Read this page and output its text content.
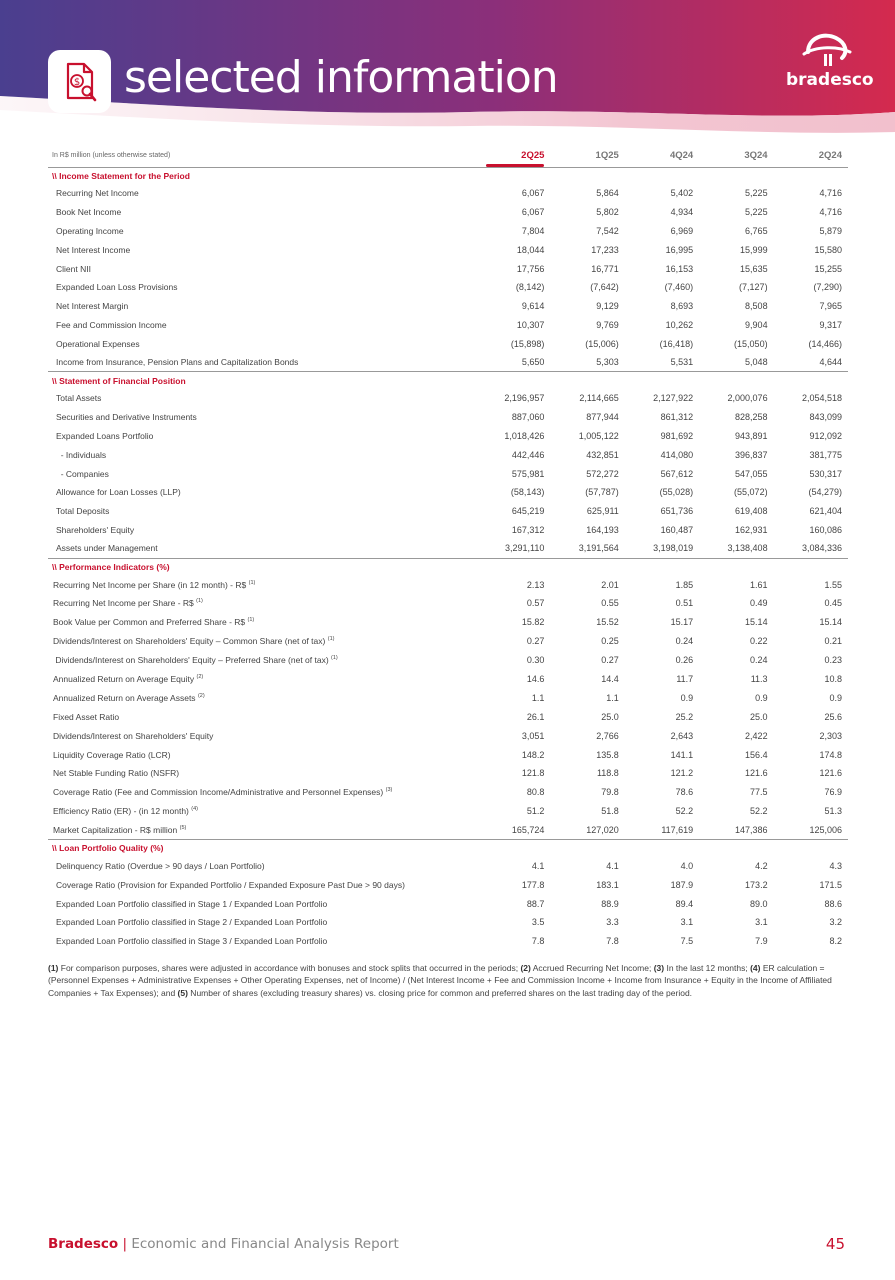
$ selected information	bradesco
In R$ million (unless otherwise stated)	2Q25	1Q25	4Q24	3Q24	2Q24
\\ Income Statement for the Period					
Recurring Net Income	6,067	5,864	5,402	5,225	4,716
Book Net Income	6,067	5,802	4,934	5,225	4,716
Operating Income	7,804	7,542	6,969	6,765	5,879
Net Interest Income	18,044	17,233	16,995	15,999	15,580
Client NII	17,756	16,771	16,153	15,635	15,255
Expanded Loan Loss Provisions	(8,142)	(7,642)	(7,460)	(7,127)	(7,290)
Net Interest Margin	9,614	9,129	8,693	8,508	7,965
Fee and Commission Income	10,307	9,769	10,262	9,904	9,317
Operational Expenses	(15,898)	(15,006)	(16,418)	(15,050)	(14,466)
Income from Insurance, Pension Plans and Capitalization Bonds	5,650	5,303	5,531	5,048	4,644
\\ Statement of Financial Position					
Total Assets	2,196,957	2,114,665	2,127,922	2,000,076	2,054,518
Securities and Derivative Instruments	887,060	877,944	861,312	828,258	843,099
Expanded Loans Portfolio	1,018,426	1,005,122	981,692	943,891	912,092
- Individuals	442,446	432,851	414,080	396,837	381,775
- Companies	575,981	572,272	567,612	547,055	530,317
Allowance for Loan Losses (LLP)	(58,143)	(57,787)	(55,028)	(55,072)	(54,279)
Total Deposits	645,219	625,911	651,736	619,408	621,404
Shareholders' Equity	167,312	164,193	160,487	162,931	160,086
Assets under Management	3,291,110	3,191,564	3,198,019	3,138,408	3,084,336
\\ Performance Indicators (%)					
Recurring Net Income per Share (in 12 month) - R$ $^{(1)}$	2.13	2.01	1.85	1.61	1.55
Recurring Net Income per Share - R$ $^{(1)}$	0.57	0.55	0.51	0.49	0.45
Book Value per Common and Preferred Share - R$ $^{(1)}$	15.82	15.52	15.17	15.14	15.14
Dividends/Interest on Shareholders' Equity – Common Share (net of tax) $^{(1)}$	0.27	0.25	0.24	0.22	0.21
Dividends/Interest on Shareholders' Equity – Preferred Share (net of tax) $^{(1)}$	0.30	0.27	0.26	0.24	0.23
Annualized Return on Average Equity $^{(2)}$	14.6	14.4	11.7	11.3	10.8
Annualized Return on Average Assets $^{(2)}$	1.1	1.1	0.9	0.9	0.9
Fixed Asset Ratio	26.1	25.0	25.2	25.0	25.6
Dividends/Interest on Shareholders' Equity	3,051	2,766	2,643	2,422	2,303
Liquidity Coverage Ratio (LCR)	148.2	135.8	141.1	156.4	174.8
Net Stable Funding Ratio (NSFR)	121.8	118.8	121.2	121.6	121.6
Coverage Ratio (Fee and Commission Income/Administrative and Personnel Expenses) $^{(3)}$	80.8	79.8	78.6	77.5	76.9
Efficiency Ratio (ER) - (in 12 month) $^{(4)}$	51.2	51.8	52.2	52.2	51.3
Market Capitalization - R$ million $^{(5)}$	165,724	127,020	117,619	147,386	125,006
\\ Loan Portfolio Quality (%)					
Delinquency Ratio (Overdue > 90 days / Loan Portfolio)	4.1	4.1	4.0	4.2	4.3
Coverage Ratio (Provision for Expanded Portfolio / Expanded Exposure Past Due > 90 days)	177.8	183.1	187.9	173.2	171.5
Expanded Loan Portfolio classified in Stage 1 / Expanded Loan Portfolio	88.7	88.9	89.4	89.0	88.6
Expanded Loan Portfolio classified in Stage 2 / Expanded Loan Portfolio	3.5	3.3	3.1	3.1	3.2
Expanded Loan Portfolio classified in Stage 3 / Expanded Loan Portfolio	7.8	7.8	7.5	7.9	8.2
(1) For comparison purposes, shares were adjusted in accordance with bonuses and stock splits that occurred in the periods; (2) Accrued Recurring Net Income; (3) In the last 12 months; (4) ER calculation = (Personnel Expenses + Administrative Expenses + Other Operating Expenses, net of Income) / (Net Interest Income + Fee and Commission Income + Income from Insurance + Equity in the Income of Affiliated Companies + Tax Expenses); and (5) Number of shares (excluding treasury shares) vs. closing price for common and preferred shares on the last trading day of the period.
Bradesco | Economic and Financial Analysis Report	45
